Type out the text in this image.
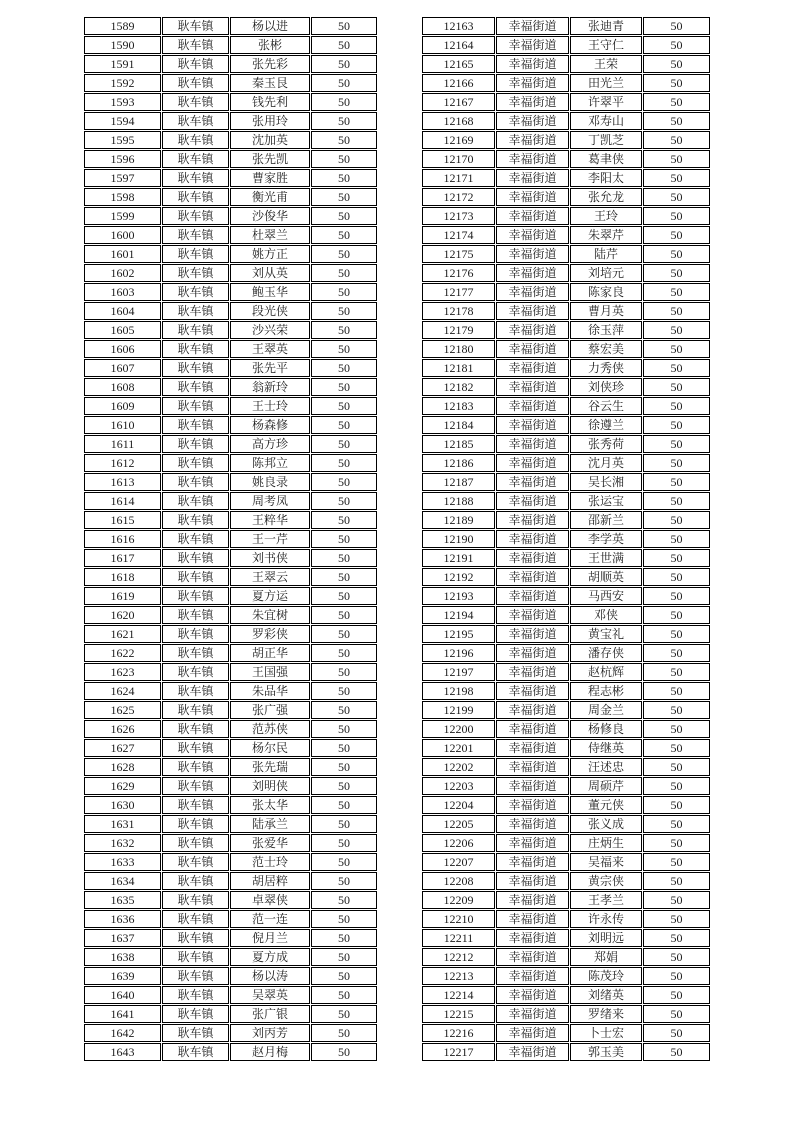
1589	耿车镇	杨以进	50
1590	耿车镇	张彬	50
1591	耿车镇	张先彩	50
1592	耿车镇	秦玉艮	50
1593	耿车镇	钱先利	50
1594	耿车镇	张用玲	50
1595	耿车镇	沈加英	50
1596	耿车镇	张先凯	50
1597	耿车镇	曹家胜	50
1598	耿车镇	衡光甫	50
1599	耿车镇	沙俊华	50
1600	耿车镇	杜翠兰	50
1601	耿车镇	姚方正	50
1602	耿车镇	刘从英	50
1603	耿车镇	鲍玉华	50
1604	耿车镇	段光侠	50
1605	耿车镇	沙兴荣	50
1606	耿车镇	王翠英	50
1607	耿车镇	张先平	50
1608	耿车镇	翁新玲	50
1609	耿车镇	王士玲	50
1610	耿车镇	杨森修	50
1611	耿车镇	高方珍	50
1612	耿车镇	陈邦立	50
1613	耿车镇	姚良录	50
1614	耿车镇	周考凤	50
1615	耿车镇	王粹华	50
1616	耿车镇	王一芹	50
1617	耿车镇	刘书侠	50
1618	耿车镇	王翠云	50
1619	耿车镇	夏方运	50
1620	耿车镇	朱宜树	50
1621	耿车镇	罗彩侠	50
1622	耿车镇	胡正华	50
1623	耿车镇	王国强	50
1624	耿车镇	朱品华	50
1625	耿车镇	张广强	50
1626	耿车镇	范苏侠	50
1627	耿车镇	杨尔民	50
1628	耿车镇	张先瑞	50
1629	耿车镇	刘明侠	50
1630	耿车镇	张太华	50
1631	耿车镇	陆承兰	50
1632	耿车镇	张爱华	50
1633	耿车镇	范士玲	50
1634	耿车镇	胡居粹	50
1635	耿车镇	卓翠侠	50
1636	耿车镇	范一连	50
1637	耿车镇	倪月兰	50
1638	耿车镇	夏方成	50
1639	耿车镇	杨以涛	50
1640	耿车镇	吴翠英	50
1641	耿车镇	张广银	50
1642	耿车镇	刘丙芳	50
1643	耿车镇	赵月梅	50
12163	幸福街道	张迪青	50
12164	幸福街道	王守仁	50
12165	幸福街道	王荣	50
12166	幸福街道	田光兰	50
12167	幸福街道	许翠平	50
12168	幸福街道	邓寿山	50
12169	幸福街道	丁凯芝	50
12170	幸福街道	葛聿侠	50
12171	幸福街道	李阳太	50
12172	幸福街道	张允龙	50
12173	幸福街道	王玲	50
12174	幸福街道	朱翠芹	50
12175	幸福街道	陆芹	50
12176	幸福街道	刘培元	50
12177	幸福街道	陈家良	50
12178	幸福街道	曹月英	50
12179	幸福街道	徐玉萍	50
12180	幸福街道	蔡宏美	50
12181	幸福街道	力秀侠	50
12182	幸福街道	刘侠珍	50
12183	幸福街道	谷云生	50
12184	幸福街道	徐遵兰	50
12185	幸福街道	张秀荷	50
12186	幸福街道	沈月英	50
12187	幸福街道	吴长湘	50
12188	幸福街道	张运宝	50
12189	幸福街道	邵新兰	50
12190	幸福街道	李学英	50
12191	幸福街道	王世满	50
12192	幸福街道	胡顺英	50
12193	幸福街道	马西安	50
12194	幸福街道	邓侠	50
12195	幸福街道	黄宝礼	50
12196	幸福街道	潘存侠	50
12197	幸福街道	赵杭辉	50
12198	幸福街道	程志彬	50
12199	幸福街道	周金兰	50
12200	幸福街道	杨修良	50
12201	幸福街道	侍继英	50
12202	幸福街道	汪述忠	50
12203	幸福街道	周硕芹	50
12204	幸福街道	董元侠	50
12205	幸福街道	张义成	50
12206	幸福街道	庄炳生	50
12207	幸福街道	吴福来	50
12208	幸福街道	黄宗侠	50
12209	幸福街道	王孝兰	50
12210	幸福街道	许永传	50
12211	幸福街道	刘明远	50
12212	幸福街道	郑娟	50
12213	幸福街道	陈茂玲	50
12214	幸福街道	刘绪英	50
12215	幸福街道	罗绪来	50
12216	幸福街道	卜士宏	50
12217	幸福街道	郭玉美	50
